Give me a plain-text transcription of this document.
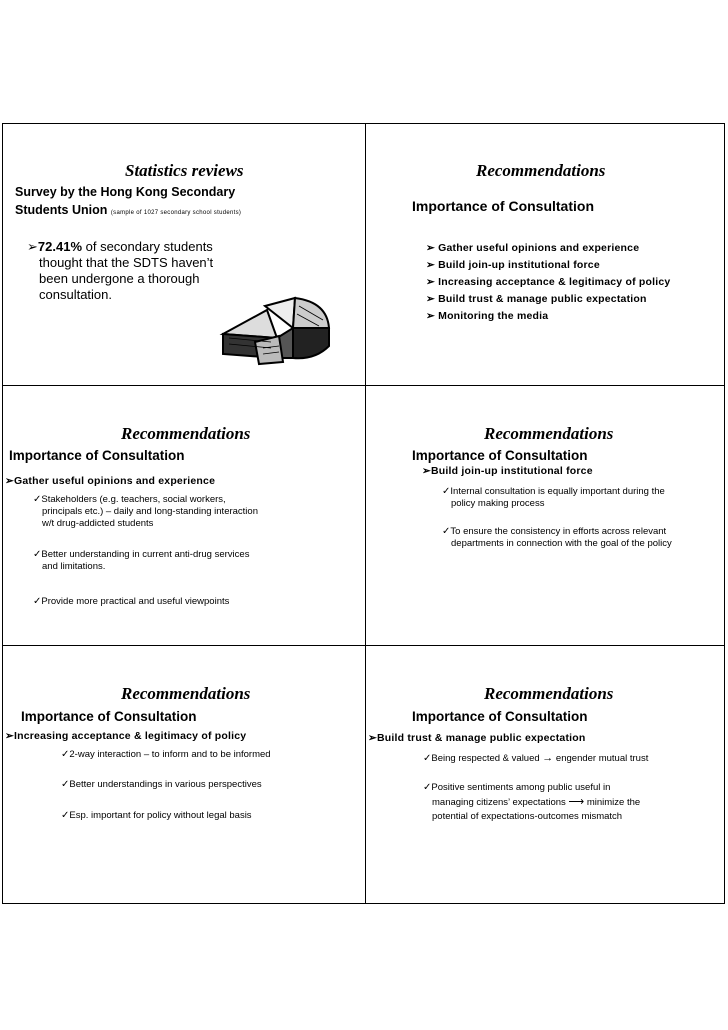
Statistics reviews
Survey by the Hong Kong Secondary
Students Union (sample of 1027 secondary school students)
➢72.41% of secondary students
thought that the SDTS haven’t
been undergone a thorough
consultation.
Recommendations
Importance of Consultation
➢ Gather useful opinions and experience
➢ Build join-up institutional force
➢ Increasing acceptance & legitimacy of policy
➢ Build trust & manage public expectation
➢ Monitoring the media
Recommendations
Importance of Consultation
➢Gather useful opinions and experience
✓Stakeholders (e.g. teachers, social workers,
principals etc.) – daily and long-standing interaction
w/t drug-addicted students
✓Better understanding in current anti-drug services
and limitations.
✓Provide more practical and useful viewpoints
Recommendations
Importance of Consultation
➢Build join-up institutional force
✓Internal consultation is equally important during the
policy making process
✓To ensure the consistency in efforts across relevant
departments in connection with the goal of the policy
Recommendations
Importance of Consultation
➢Increasing acceptance & legitimacy of policy
✓2-way interaction – to inform and to be informed
✓Better understandings in various perspectives
✓Esp. important for policy without legal basis
Recommendations
Importance of Consultation
➢Build trust & manage public expectation
✓Being respected & valued → engender mutual trust
✓Positive sentiments among public useful in
managing citizens’ expectations ⟶ minimize the
potential of expectations-outcomes mismatch
